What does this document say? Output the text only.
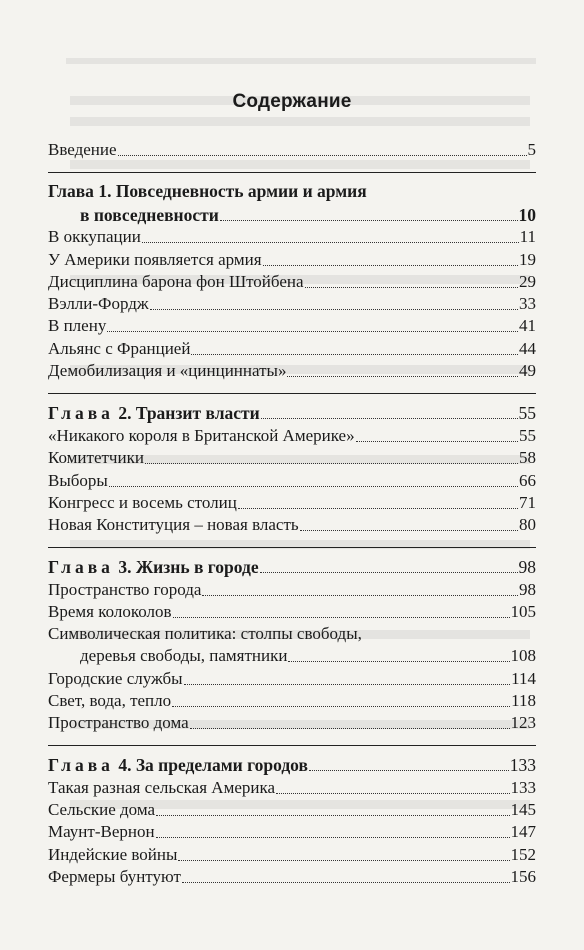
Содержание
Введение	5
Глава 1. Повседневность армии и армия
в повседневности	10
В оккупации	11
У Америки появляется армия	19
Дисциплина барона фон Штойбена	29
Вэлли-Фордж	33
В плену	41
Альянс с Францией	44
Демобилизация и «цинциннаты»	49
Глава 2. Транзит власти	55
«Никакого короля в Британской Америке»	55
Комитетчики	58
Выборы	66
Конгресс и восемь столиц	71
Новая Конституция – новая власть	80
Глава 3. Жизнь в городе	98
Пространство города	98
Время колоколов	105
Символическая политика: столпы свободы,
деревья свободы, памятники	108
Городские службы	114
Свет, вода, тепло	118
Пространство дома	123
Глава 4. За пределами городов	133
Такая разная сельская Америка	133
Сельские дома	145
Маунт-Вернон	147
Индейские войны	152
Фермеры бунтуют	156
